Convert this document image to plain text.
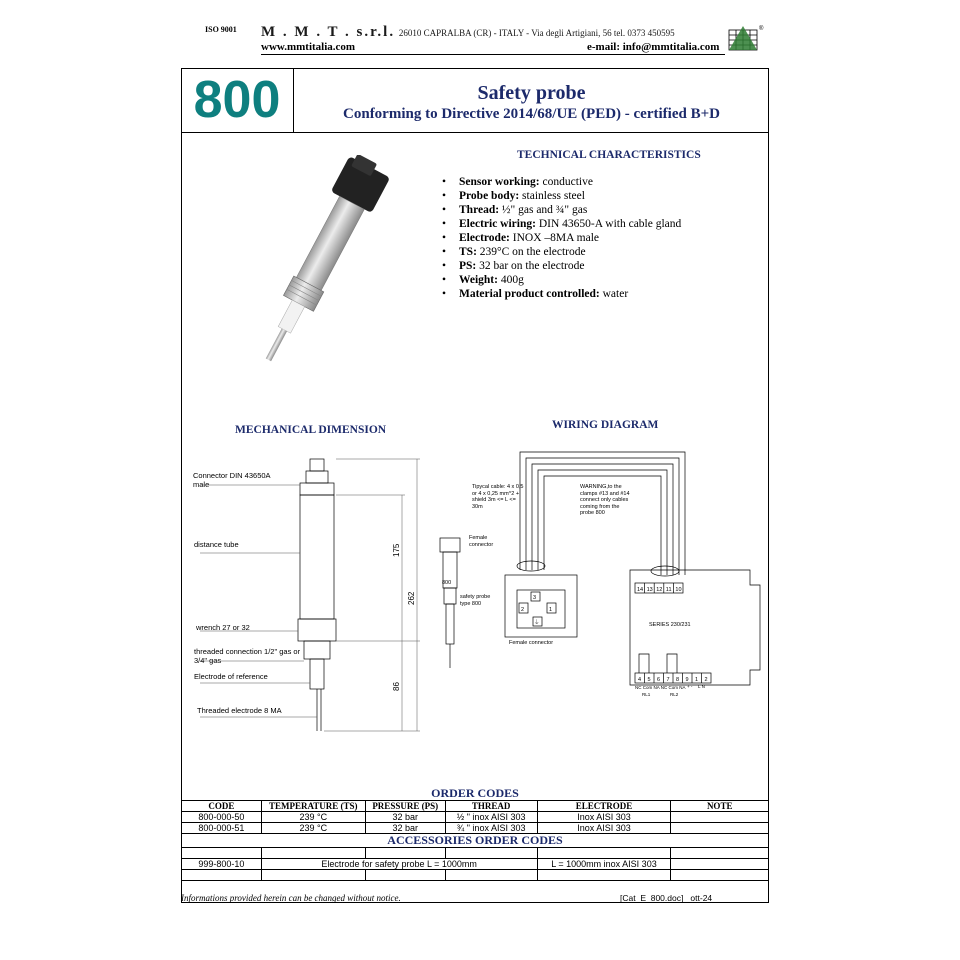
ISO 9001 M . M . T . s.r.l. 26010 CAPRALBA (CR) - ITALY - Via degli Artigiani, 56 tel. 0373 450595
www.mmtitalia.com	e-mail: info@mmtitalia.com
®
800	Safety probe
Conforming to Directive 2014/68/UE (PED) - certified B+D
TECHNICAL CHARACTERISTICS
• Sensor working: conductive
• Probe body: stainless steel
• Thread: ½" gas and ¾" gas
• Electric wiring: DIN 43650-A with cable gland
• Electrode: INOX –8MA male
• TS: 239°C on the electrode
• PS: 32 bar on the electrode
• Weight: 400g
• Material product controlled: water
MECHANICAL DIMENSION
Connector DIN 43650A male
distance tube
wrench 27 or 32
threaded connection 1/2" gas or 3/4" gas
Electrode of reference
Threaded electrode 8 MA
175
262
86
WIRING DIAGRAM
Tipycal cable: 4 x 0,5 or 4 x 0,25 mm^2 + shield 3m <= L <= 30m
WARNING,to the clamps #13 and #14 connect only cables coming from the probe 800
Female connector
800
safety probe type 800
Female connector
SERIES 230/231
NC Com NA NC Com NA
RL1	RL2
+ - L N
14 13 12 11 10
4 5 6 7 8 9 1 2
3
2	1
⏚
ORDER CODES
CODE	TEMPERATURE (TS)	PRESSURE (PS)	THREAD	ELECTRODE	NOTE
800-000-50	239 °C	32 bar	½ " inox AISI 303	Inox AISI 303	
800-000-51	239 °C	32 bar	¾ " inox AISI 303	Inox AISI 303	
ACCESSORIES ORDER CODES					

999-800-10	Electrode for safety probe L = 1000mm			L = 1000mm inox AISI 303	

Informations provided herein can be changed without notice.	[Cat_E_800.doc] ott-24
